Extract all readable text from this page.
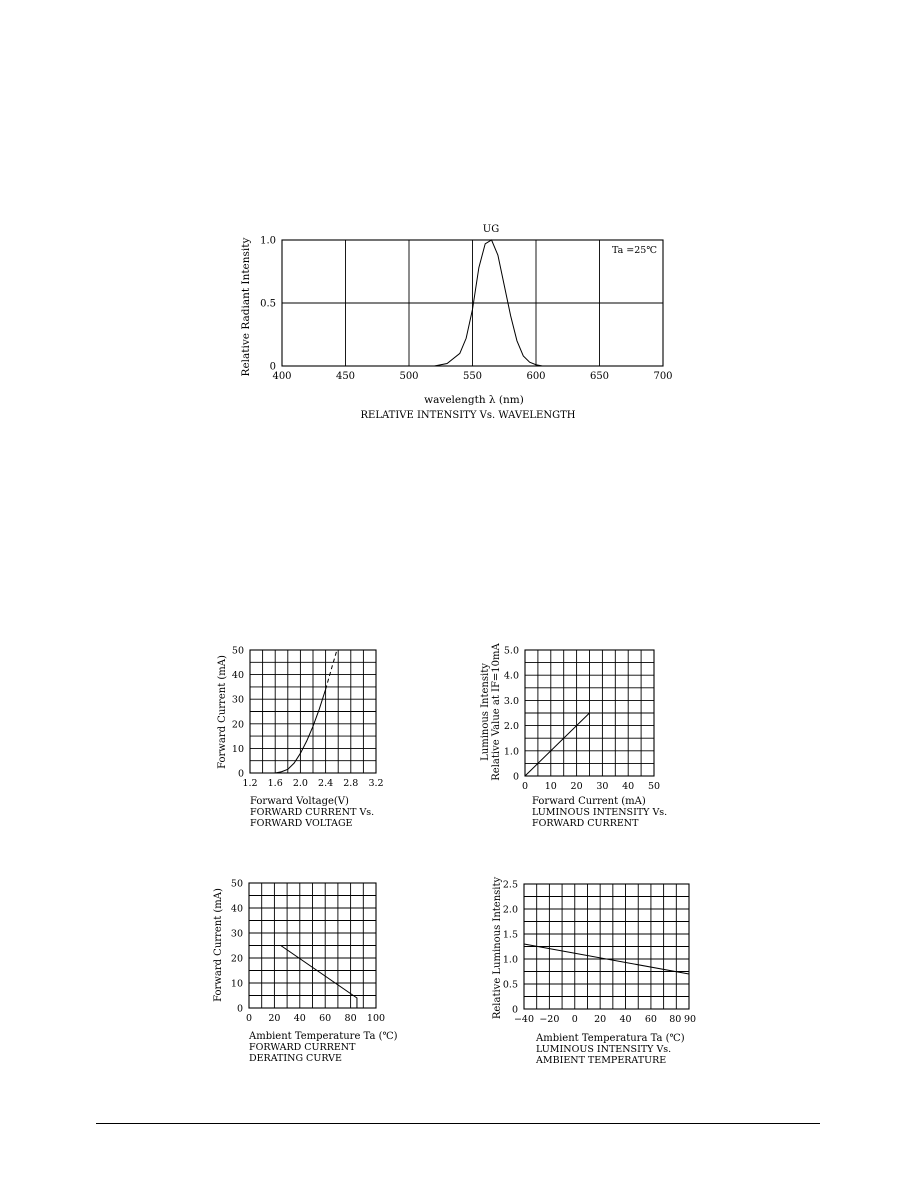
400	450	500	550	600	650	700
0
0.5
1.0
wavelength λ (nm)
Relative Radiant Intensity
RELATIVE INTENSITY Vs. WAVELENGTH
UG
Ta =25℃
1.2 1.6 2.0 2.4 2.8 3.2
0
10
20
30
40
50
Forward Voltage(V)
Forward Current (mA)
FORWARD CURRENT Vs.
FORWARD VOLTAGE
0 10 20 30 40 50
0
1.0
2.0
3.0
4.0
5.0
Forward Current (mA)
Luminous IntensityRelative Value at IF=10mA
LUMINOUS INTENSITY Vs.
FORWARD CURRENT
0 20 40 60 80 100
0
10
20
30
40
50
Ambient Temperature Ta (℃)
Forward Current (mA)
FORWARD CURRENT
DERATING CURVE
−40 −20 0 20 40 60 80 90
0
0.5
1.0
1.5
2.0
2.5
Ambient Temperatura Ta (℃)
Relative Luminous Intensity
LUMINOUS INTENSITY Vs.
AMBIENT TEMPERATURE
